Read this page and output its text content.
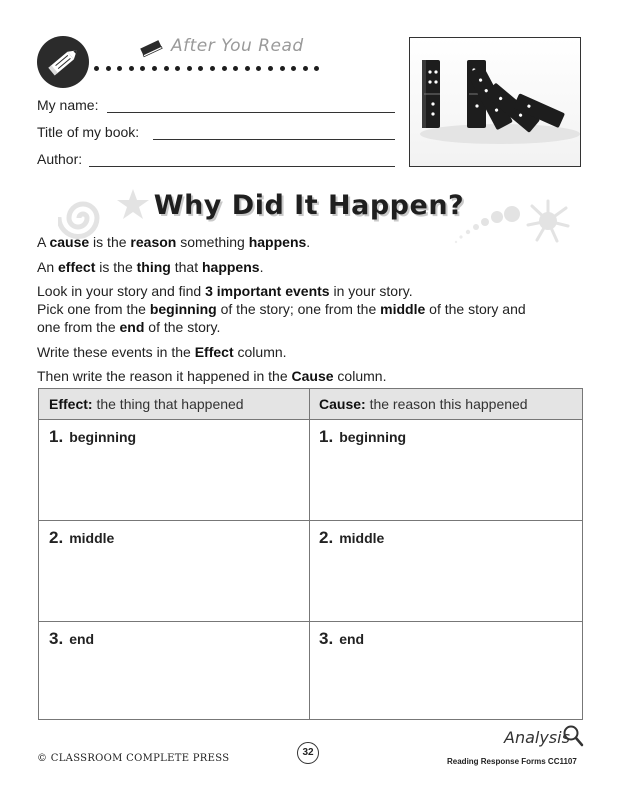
After You Read
My name:
Title of my book:
Author:
Why Did It Happen?
A cause is the reason something happens.
An effect is the thing that happens.
Look in your story and find 3 important events in your story.
Pick one from the beginning of the story; one from the middle of the story and
one from the end of the story.
Write these events in the Effect column.
Then write the reason it happened in the Cause column.
Effect: the thing that happened	Cause: the reason this happened
1. beginning	1. beginning
2. middle	2. middle
3. end	3. end
© CLASSROOM COMPLETE PRESS
32
Analysis
Reading Response Forms CC1107
